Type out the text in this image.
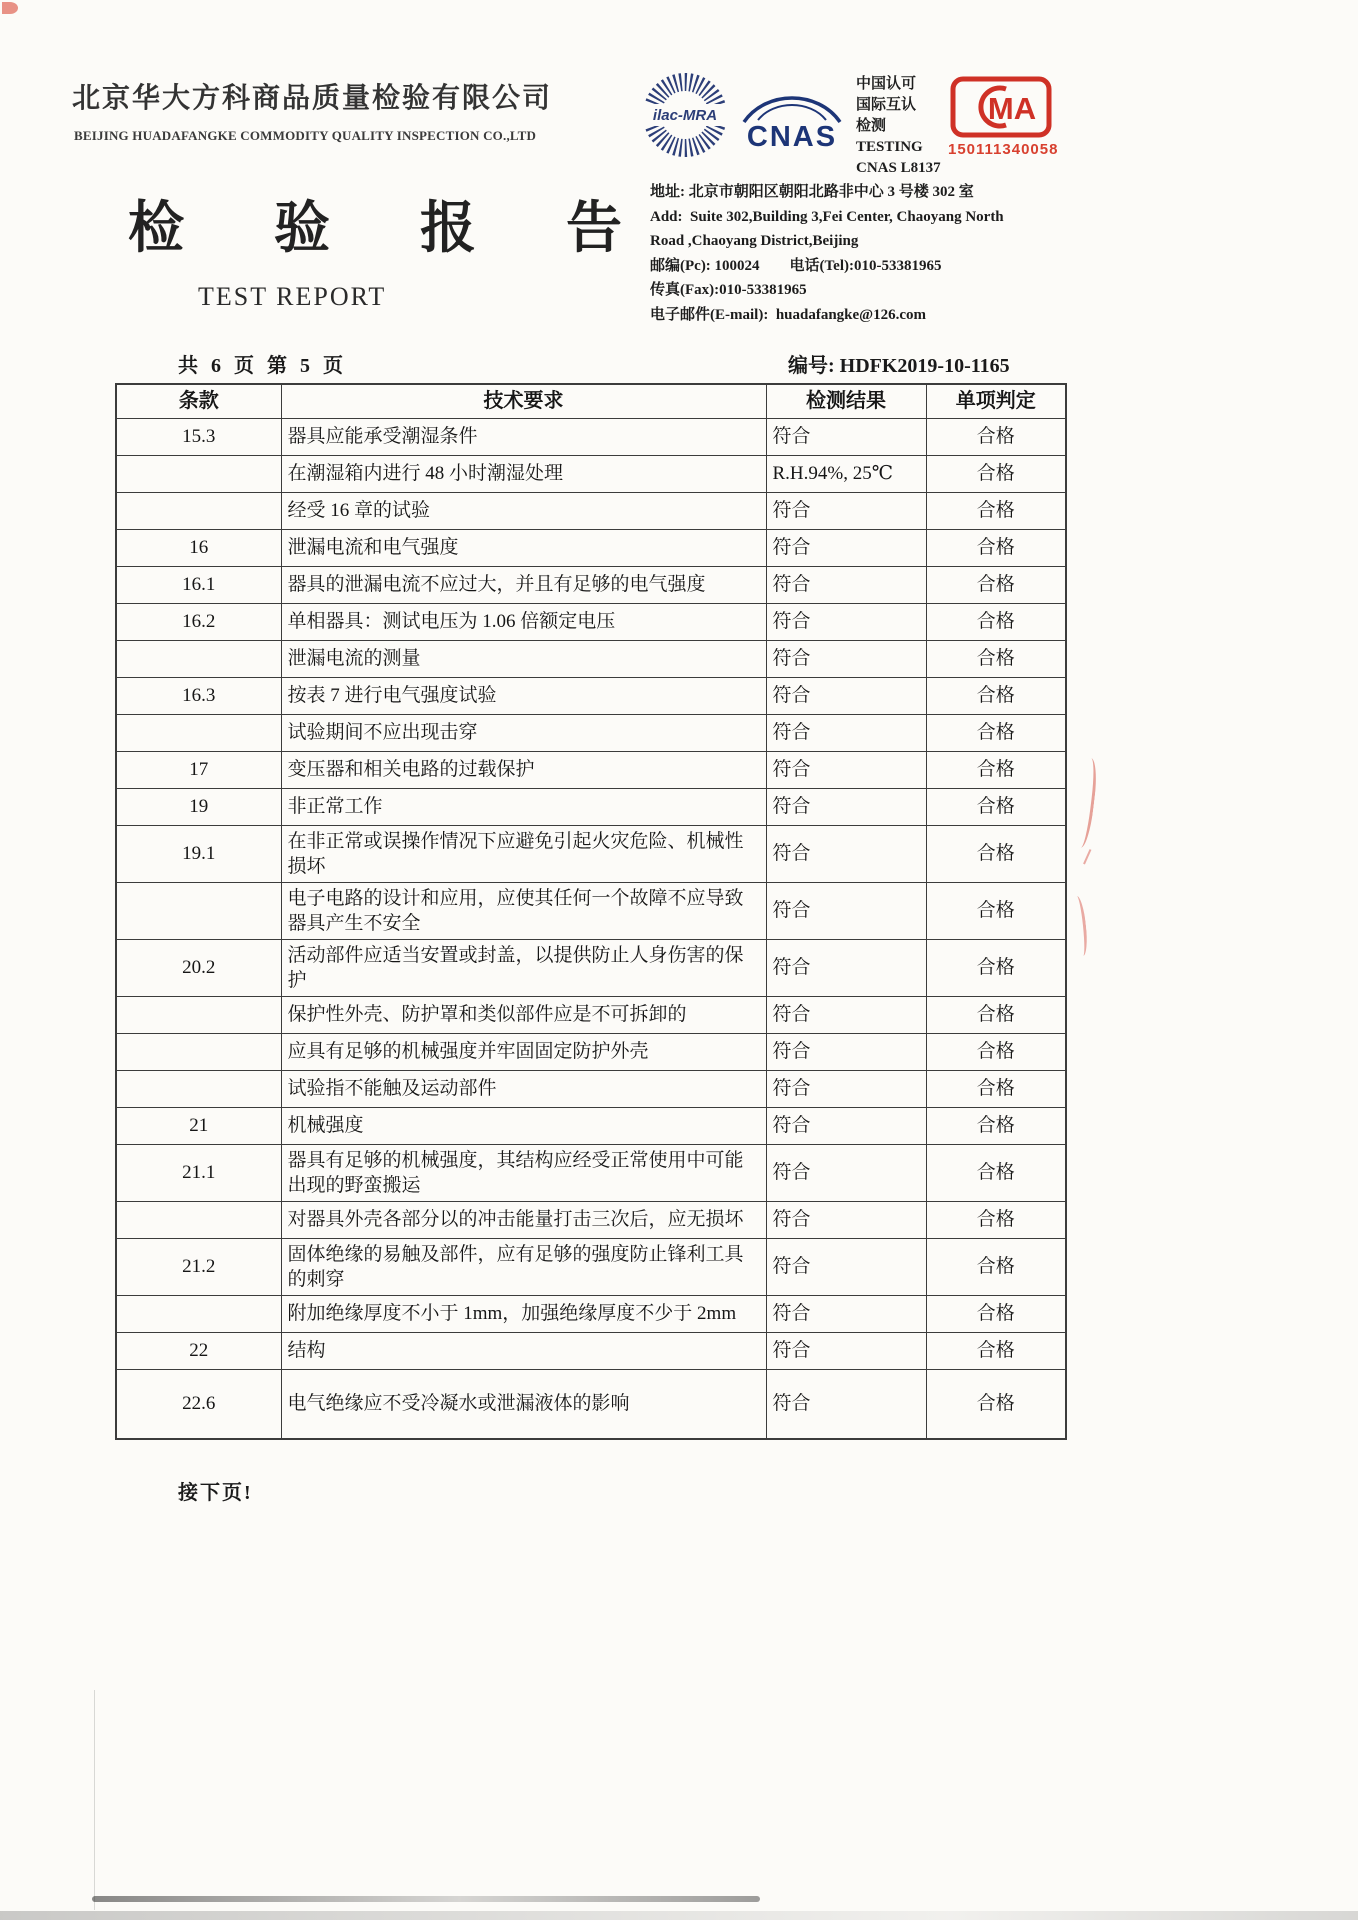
北京华大方科商品质量检验有限公司
BEIJING HUADAFANGKE COMMODITY QUALITY INSPECTION CO.,LTD
ilac-MRA
CNAS
中国认可
国际互认
检测
TESTING
CNAS L8137
MA
150111340058
检 验 报 告
TEST REPORT
地址: 北京市朝阳区朝阳北路非中心 3 号楼 302 室
Add:  Suite 302,Building 3,Fei Center, Chaoyang North
Road ,Chaoyang District,Beijing
邮编(Pc): 100024        电话(Tel):010-53381965
传真(Fax):010-53381965
电子邮件(E-mail):  huadafangke@126.com
共 6 页 第 5 页	编号: HDFK2019-10-1165
条款	技术要求	检测结果	单项判定
15.3	器具应能承受潮湿条件	符合	合格
	在潮湿箱内进行 48 小时潮湿处理	R.H.94%, 25℃	合格
	经受 16 章的试验	符合	合格
16	泄漏电流和电气强度	符合	合格
16.1	器具的泄漏电流不应过大，并且有足够的电气强度	符合	合格
16.2	单相器具：测试电压为 1.06 倍额定电压	符合	合格
	泄漏电流的测量	符合	合格
16.3	按表 7 进行电气强度试验	符合	合格
	试验期间不应出现击穿	符合	合格
17	变压器和相关电路的过载保护	符合	合格
19	非正常工作	符合	合格
19.1	在非正常或误操作情况下应避免引起火灾危险、机械性损坏	符合	合格
	电子电路的设计和应用，应使其任何一个故障不应导致器具产生不安全	符合	合格
20.2	活动部件应适当安置或封盖，以提供防止人身伤害的保护	符合	合格
	保护性外壳、防护罩和类似部件应是不可拆卸的	符合	合格
	应具有足够的机械强度并牢固固定防护外壳	符合	合格
	试验指不能触及运动部件	符合	合格
21	机械强度	符合	合格
21.1	器具有足够的机械强度，其结构应经受正常使用中可能出现的野蛮搬运	符合	合格
	对器具外壳各部分以的冲击能量打击三次后，应无损坏	符合	合格
21.2	固体绝缘的易触及部件，应有足够的强度防止锋利工具的刺穿	符合	合格
	附加绝缘厚度不小于 1mm，加强绝缘厚度不少于 2mm	符合	合格
22	结构	符合	合格
22.6	电气绝缘应不受冷凝水或泄漏液体的影响	符合	合格
接下页!
